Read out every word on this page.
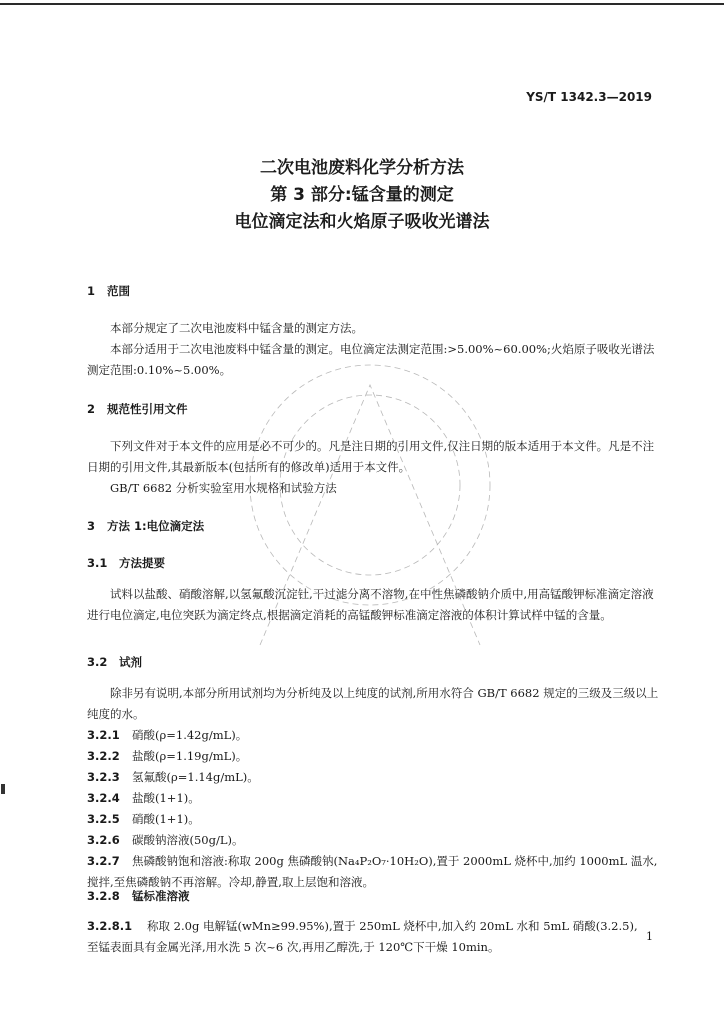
YS/T 1342.3—2019
二次电池废料化学分析方法
第 3 部分:锰含量的测定
电位滴定法和火焰原子吸收光谱法
1 范围
本部分规定了二次电池废料中锰含量的测定方法。
本部分适用于二次电池废料中锰含量的测定。电位滴定法测定范围:>5.00%~60.00%;火焰原子吸收光谱法测定范围:0.10%~5.00%。
2 规范性引用文件
下列文件对于本文件的应用是必不可少的。凡是注日期的引用文件,仅注日期的版本适用于本文件。凡是不注日期的引用文件,其最新版本(包括所有的修改单)适用于本文件。
GB/T 6682 分析实验室用水规格和试验方法
3 方法 1:电位滴定法
3.1 方法提要
试料以盐酸、硝酸溶解,以氢氟酸沉淀钍,干过滤分离不溶物,在中性焦磷酸钠介质中,用高锰酸钾标准滴定溶液进行电位滴定,电位突跃为滴定终点,根据滴定消耗的高锰酸钾标准滴定溶液的体积计算试样中锰的含量。
3.2 试剂
除非另有说明,本部分所用试剂均为分析纯及以上纯度的试剂,所用水符合 GB/T 6682 规定的三级及三级以上纯度的水。
3.2.1 硝酸(ρ=1.42g/mL)。
3.2.2 盐酸(ρ=1.19g/mL)。
3.2.3 氢氟酸(ρ=1.14g/mL)。
3.2.4 盐酸(1+1)。
3.2.5 硝酸(1+1)。
3.2.6 碳酸钠溶液(50g/L)。
3.2.7 焦磷酸钠饱和溶液:称取 200g 焦磷酸钠(Na₄P₂O₇·10H₂O),置于 2000mL 烧杯中,加约 1000mL 温水,搅拌,至焦磷酸钠不再溶解。冷却,静置,取上层饱和溶液。
3.2.8 锰标准溶液
3.2.8.1 称取 2.0g 电解锰(wMn≥99.95%),置于 250mL 烧杯中,加入约 20mL 水和 5mL 硝酸(3.2.5),至锰表面具有金属光泽,用水洗 5 次~6 次,再用乙醇洗,于 120℃下干燥 10min。
1
